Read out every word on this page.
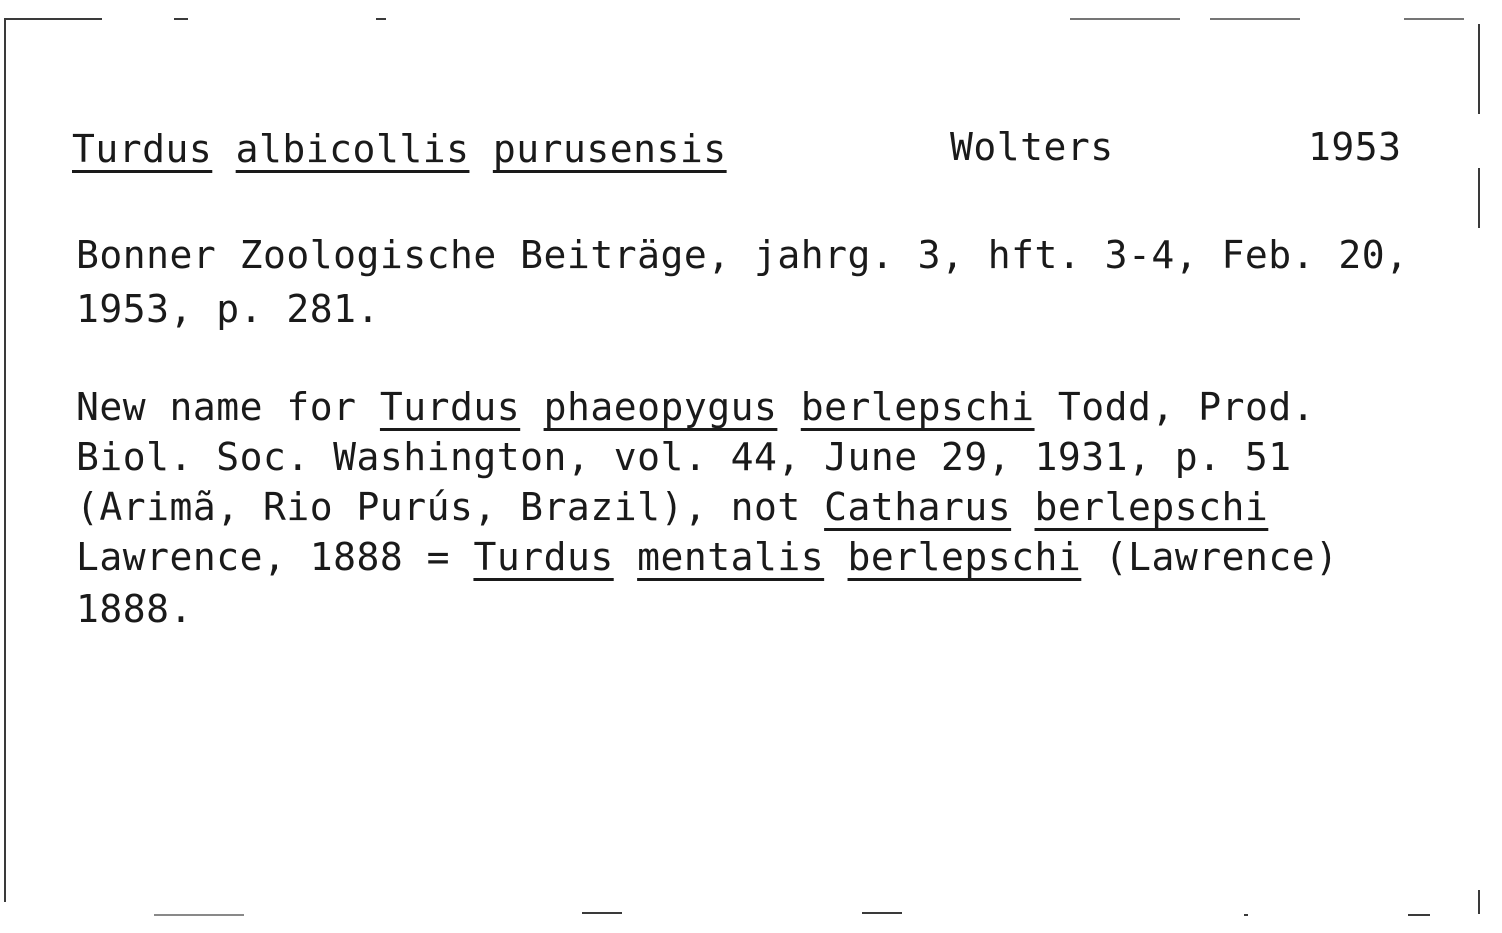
Turdus albicollis purusensis	Wolters	1953
Bonner Zoologische Beiträge, jahrg. 3, hft. 3-4, Feb. 20,
1953, p. 281.
New name for Turdus phaeopygus berlepschi Todd, Prod.
Biol. Soc. Washington, vol. 44, June 29, 1931, p. 51
(Arimã, Rio Purús, Brazil), not Catharus berlepschi
Lawrence, 1888 = Turdus mentalis berlepschi (Lawrence)
1888.
